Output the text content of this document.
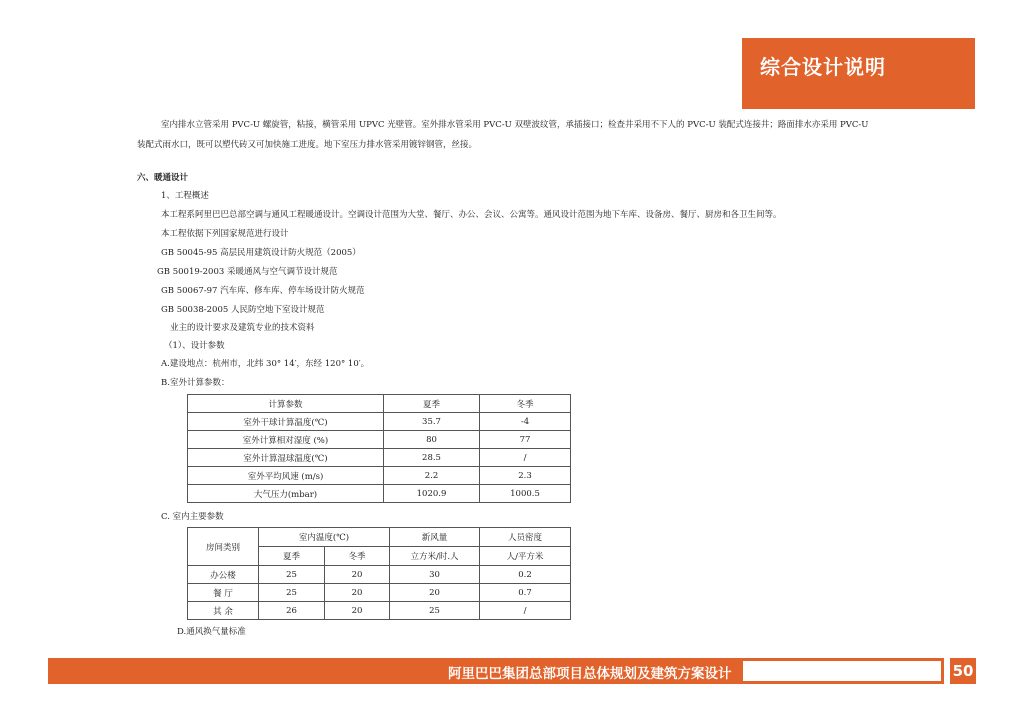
综合设计说明
室内排水立管采用 PVC-U 螺旋管，粘接，横管采用 UPVC 光壁管。室外排水管采用 PVC-U 双壁波纹管，承插接口；检查井采用不下人的 PVC-U 装配式连接井；路面排水亦采用 PVC-U
装配式雨水口，既可以塑代砖又可加快施工进度。地下室压力排水管采用镀锌钢管，丝接。
六、暖通设计
1、工程概述
本工程系阿里巴巴总部空调与通风工程暖通设计。空调设计范围为大堂、餐厅、办公、会议、公寓等。通风设计范围为地下车库、设备房、餐厅、厨房和各卫生间等。
本工程依据下列国家规范进行设计
GB 50045-95 高层民用建筑设计防火规范（2005）
GB 50019-2003 采暖通风与空气调节设计规范
GB 50067-97 汽车库、修车库、停车场设计防火规范
GB 50038-2005 人民防空地下室设计规范
业主的设计要求及建筑专业的技术资料
（1）、设计参数
A.建设地点：杭州市，北纬 30° 14′，东经 120° 10′。
B.室外计算参数：
计算参数	夏季	冬季
室外干球计算温度(℃)	35.7	-4
室外计算相对湿度 (%)	80	77
室外计算湿球温度(℃)	28.5	/
室外平均风速 (m/s)	2.2	2.3
大气压力(mbar)	1020.9	1000.5
C. 室内主要参数
房间类别	室内温度(℃)		新风量	人员密度
	夏季	冬季	立方米/时.人	人/平方米
办公楼	25	20	30	0.2
餐 厅	25	20	20	0.7
其 余	26	20	25	/
D.通风换气量标准
阿里巴巴集团总部项目总体规划及建筑方案设计	50
